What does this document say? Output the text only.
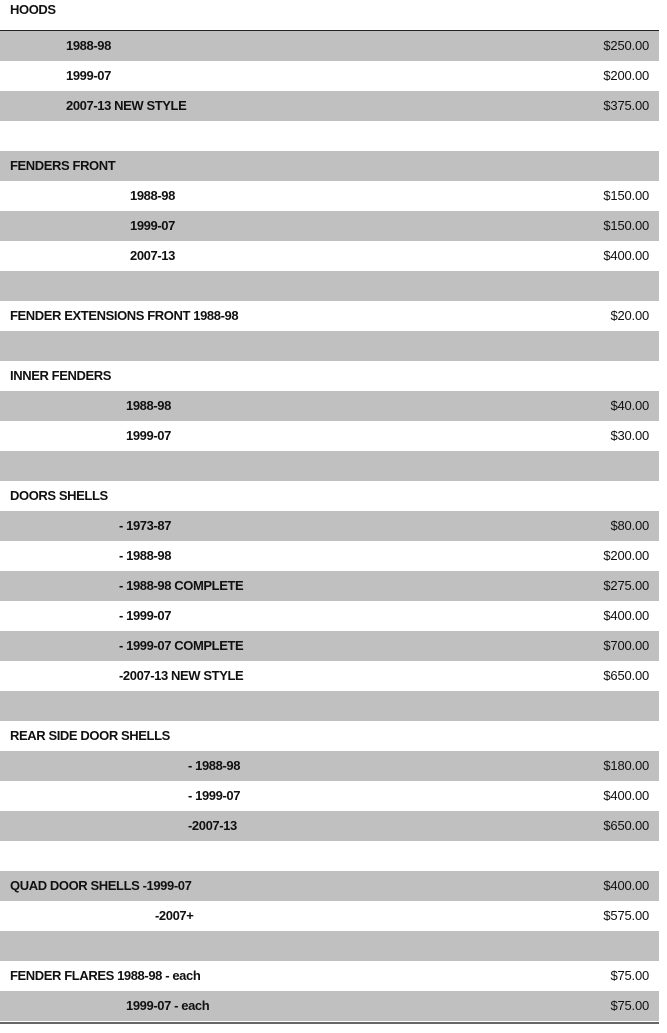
HOODS
1988-98	$250.00
1999-07	$200.00
2007-13 NEW STYLE	$375.00
FENDERS FRONT
1988-98	$150.00
1999-07	$150.00
2007-13	$400.00
FENDER EXTENSIONS FRONT 1988-98	$20.00
INNER FENDERS
1988-98	$40.00
1999-07	$30.00
DOORS SHELLS
- 1973-87	$80.00
- 1988-98	$200.00
- 1988-98 COMPLETE	$275.00
- 1999-07	$400.00
- 1999-07 COMPLETE	$700.00
-2007-13 NEW STYLE	$650.00
REAR SIDE DOOR SHELLS
- 1988-98	$180.00
- 1999-07	$400.00
-2007-13	$650.00
QUAD DOOR SHELLS -1999-07	$400.00
-2007+	$575.00
FENDER FLARES 1988-98 - each	$75.00
1999-07 - each	$75.00
